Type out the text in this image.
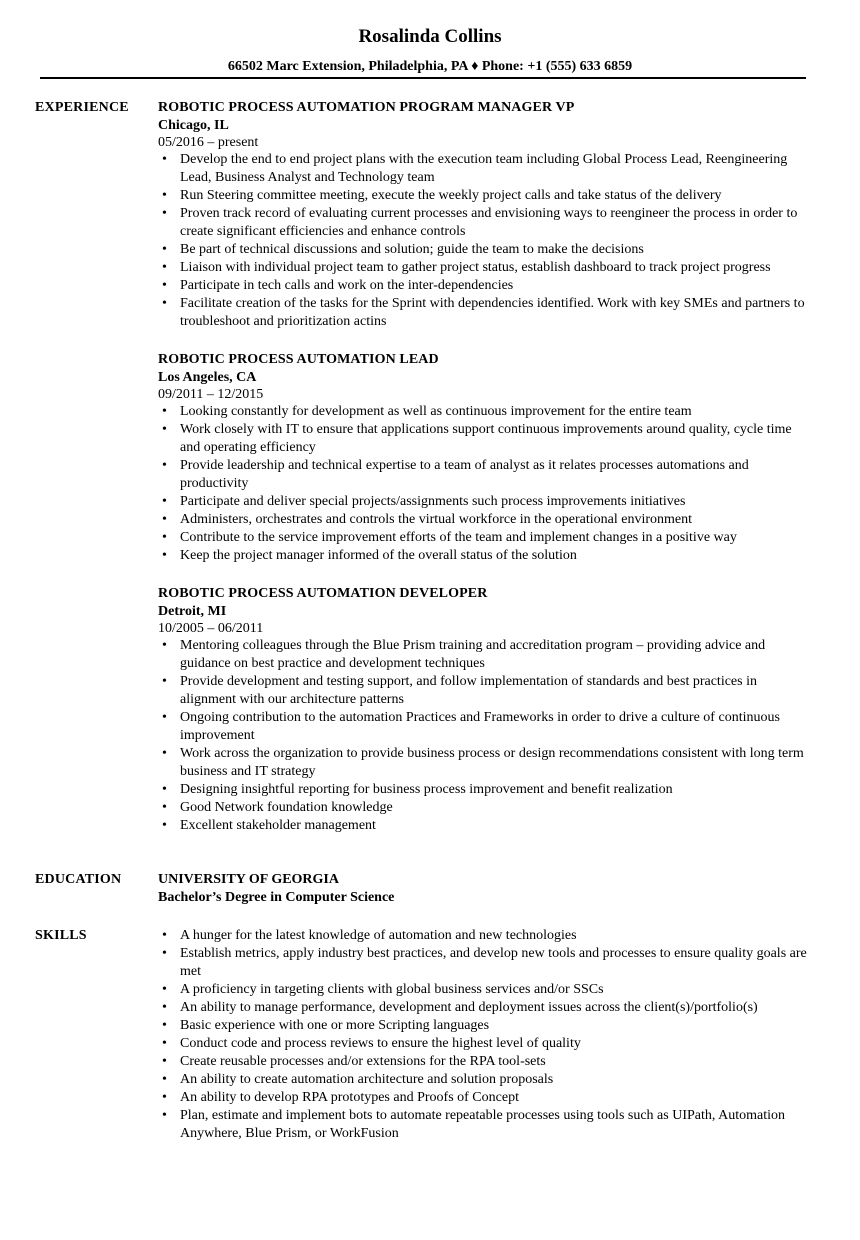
Rosalinda Collins
66502 Marc Extension, Philadelphia, PA ♦ Phone: +1 (555) 633 6859
EXPERIENCE ROBOTIC PROCESS AUTOMATION PROGRAM MANAGER VP
Chicago, IL
05/2016 – present
• Develop the end to end project plans with the execution team including Global Process Lead, Reengineering Lead, Business Analyst and Technology team
• Run Steering committee meeting, execute the weekly project calls and take status of the delivery
• Proven track record of evaluating current processes and envisioning ways to reengineer the process in order to create significant efficiencies and enhance controls
• Be part of technical discussions and solution; guide the team to make the decisions
• Liaison with individual project team to gather project status, establish dashboard to track project progress
• Participate in tech calls and work on the inter-dependencies
• Facilitate creation of the tasks for the Sprint with dependencies identified. Work with key SMEs and partners to troubleshoot and prioritization actins
ROBOTIC PROCESS AUTOMATION LEAD
Los Angeles, CA
09/2011 – 12/2015
• Looking constantly for development as well as continuous improvement for the entire team
• Work closely with IT to ensure that applications support continuous improvements around quality, cycle time and operating efficiency
• Provide leadership and technical expertise to a team of analyst as it relates processes automations and productivity
• Participate and deliver special projects/assignments such process improvements initiatives
• Administers, orchestrates and controls the virtual workforce in the operational environment
• Contribute to the service improvement efforts of the team and implement changes in a positive way
• Keep the project manager informed of the overall status of the solution
ROBOTIC PROCESS AUTOMATION DEVELOPER
Detroit, MI
10/2005 – 06/2011
• Mentoring colleagues through the Blue Prism training and accreditation program – providing advice and guidance on best practice and development techniques
• Provide development and testing support, and follow implementation of standards and best practices in alignment with our architecture patterns
• Ongoing contribution to the automation Practices and Frameworks in order to drive a culture of continuous improvement
• Work across the organization to provide business process or design recommendations consistent with long term business and IT strategy
• Designing insightful reporting for business process improvement and benefit realization
• Good Network foundation knowledge
• Excellent stakeholder management
EDUCATION	UNIVERSITY OF GEORGIA
Bachelor’s Degree in Computer Science
SKILLS	• A hunger for the latest knowledge of automation and new technologies
• Establish metrics, apply industry best practices, and develop new tools and processes to ensure quality goals are met
• A proficiency in targeting clients with global business services and/or SSCs
• An ability to manage performance, development and deployment issues across the client(s)/portfolio(s)
• Basic experience with one or more Scripting languages
• Conduct code and process reviews to ensure the highest level of quality
• Create reusable processes and/or extensions for the RPA tool-sets
• An ability to create automation architecture and solution proposals
• An ability to develop RPA prototypes and Proofs of Concept
• Plan, estimate and implement bots to automate repeatable processes using tools such as UIPath, Automation Anywhere, Blue Prism, or WorkFusion
